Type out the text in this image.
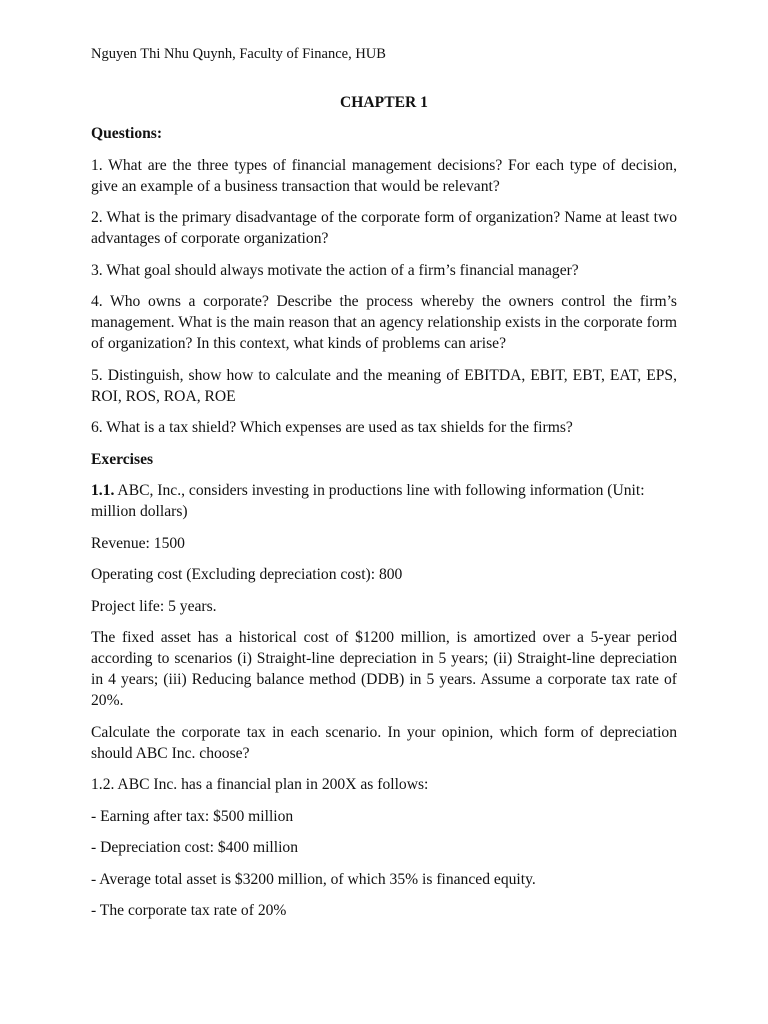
Nguyen Thi Nhu Quynh, Faculty of Finance, HUB

CHAPTER 1

Questions:

1. What are the three types of financial management decisions? For each type of decision, give an example of a business transaction that would be relevant?

2. What is the primary disadvantage of the corporate form of organization? Name at least two advantages of corporate organization?

3. What goal should always motivate the action of a firm’s financial manager?

4. Who owns a corporate? Describe the process whereby the owners control the firm’s management. What is the main reason that an agency relationship exists in the corporate form of organization? In this context, what kinds of problems can arise?

5. Distinguish, show how to calculate and the meaning of EBITDA, EBIT, EBT, EAT, EPS, ROI, ROS, ROA, ROE

6. What is a tax shield? Which expenses are used as tax shields for the firms?

Exercises

1.1. ABC, Inc., considers investing in productions line with following information (Unit: million dollars)

Revenue: 1500

Operating cost (Excluding depreciation cost): 800

Project life: 5 years.

The fixed asset has a historical cost of $1200 million, is amortized over a 5-year period according to scenarios (i) Straight-line depreciation in 5 years; (ii) Straight-line depreciation in 4 years; (iii) Reducing balance method (DDB) in 5 years. Assume a corporate tax rate of 20%.

Calculate the corporate tax in each scenario. In your opinion, which form of depreciation should ABC Inc. choose?

1.2. ABC Inc. has a financial plan in 200X as follows:

- Earning after tax: $500 million

- Depreciation cost: $400 million

- Average total asset is $3200 million, of which 35% is financed equity.

- The corporate tax rate of 20%
